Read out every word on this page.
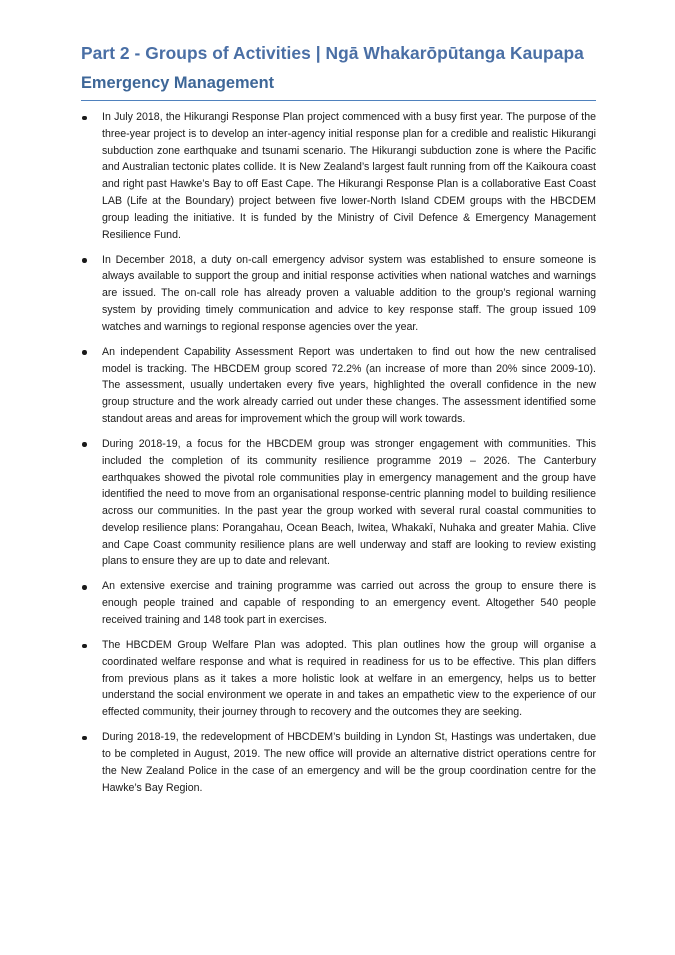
Part 2 - Groups of Activities | Ngā Whakarōpūtanga Kaupapa
Emergency Management
In July 2018, the Hikurangi Response Plan project commenced with a busy first year. The purpose of the three-year project is to develop an inter-agency initial response plan for a credible and realistic Hikurangi subduction zone earthquake and tsunami scenario. The Hikurangi subduction zone is where the Pacific and Australian tectonic plates collide. It is New Zealand’s largest fault running from off the Kaikoura coast and right past Hawke’s Bay to off East Cape. The Hikurangi Response Plan is a collaborative East Coast LAB (Life at the Boundary) project between five lower-North Island CDEM groups with the HBCDEM group leading the initiative. It is funded by the Ministry of Civil Defence & Emergency Management Resilience Fund.
In December 2018, a duty on-call emergency advisor system was established to ensure someone is always available to support the group and initial response activities when national watches and warnings are issued. The on-call role has already proven a valuable addition to the group’s regional warning system by providing timely communication and advice to key response staff. The group issued 109 watches and warnings to regional response agencies over the year.
An independent Capability Assessment Report was undertaken to find out how the new centralised model is tracking. The HBCDEM group scored 72.2% (an increase of more than 20% since 2009-10). The assessment, usually undertaken every five years, highlighted the overall confidence in the new group structure and the work already carried out under these changes. The assessment identified some standout areas and areas for improvement which the group will work towards.
During 2018-19, a focus for the HBCDEM group was stronger engagement with communities. This included the completion of its community resilience programme 2019 – 2026. The Canterbury earthquakes showed the pivotal role communities play in emergency management and the group have identified the need to move from an organisational response-centric planning model to building resilience across our communities. In the past year the group worked with several rural coastal communities to develop resilience plans: Porangahau, Ocean Beach, Iwitea, Whakakī, Nuhaka and greater Mahia. Clive and Cape Coast community resilience plans are well underway and staff are looking to review existing plans to ensure they are up to date and relevant.
An extensive exercise and training programme was carried out across the group to ensure there is enough people trained and capable of responding to an emergency event. Altogether 540 people received training and 148 took part in exercises.
The HBCDEM Group Welfare Plan was adopted. This plan outlines how the group will organise a coordinated welfare response and what is required in readiness for us to be effective. This plan differs from previous plans as it takes a more holistic look at welfare in an emergency, helps us to better understand the social environment we operate in and takes an empathetic view to the experience of our effected community, their journey through to recovery and the outcomes they are seeking.
During 2018-19, the redevelopment of HBCDEM’s building in Lyndon St, Hastings was undertaken, due to be completed in August, 2019. The new office will provide an alternative district operations centre for the New Zealand Police in the case of an emergency and will be the group coordination centre for the Hawke’s Bay Region.
